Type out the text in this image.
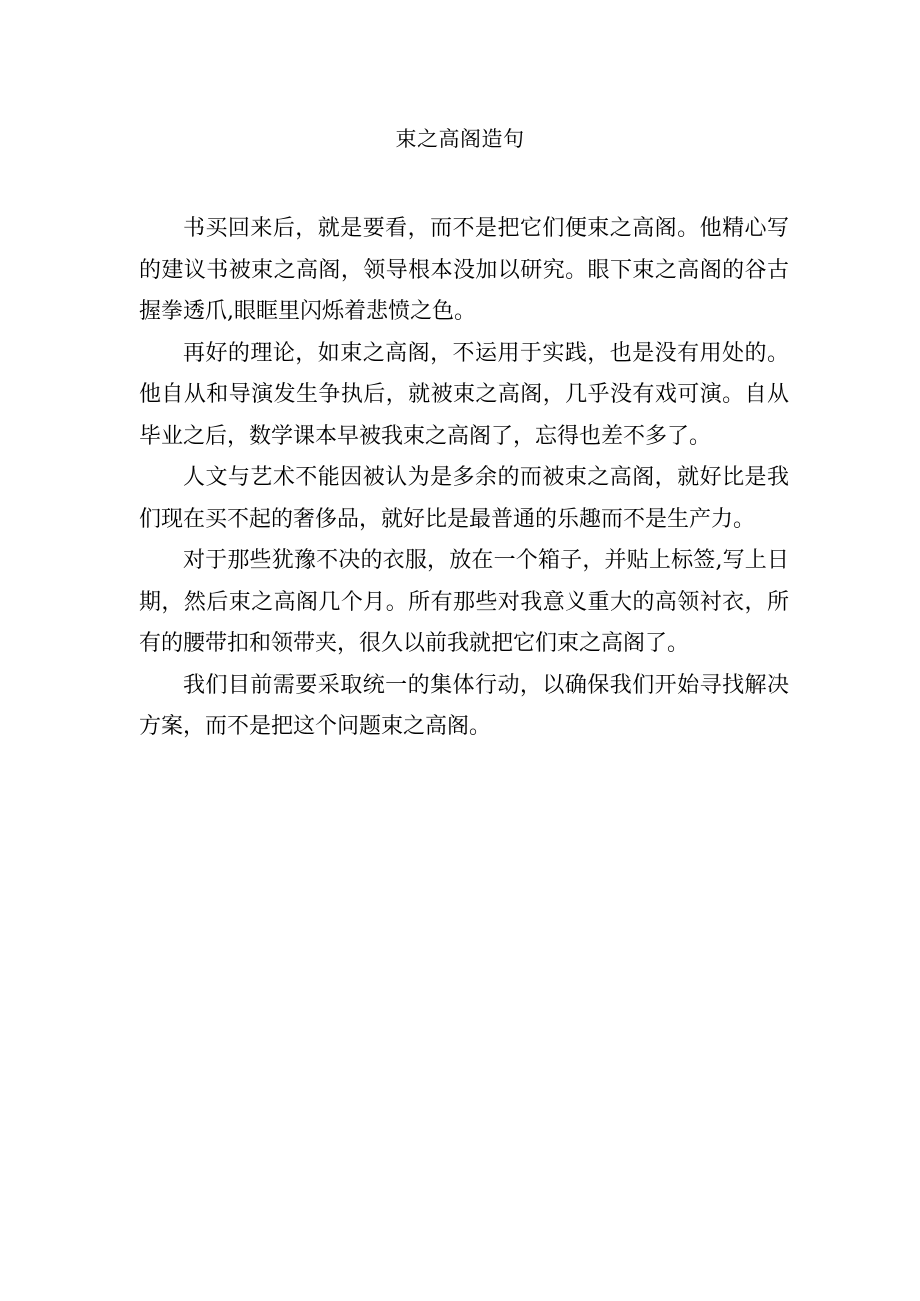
束之高阁造句

书买回来后，就是要看，而不是把它们便束之高阁。他精心写的建议书被束之高阁，领导根本没加以研究。眼下束之高阁的谷古握拳透爪,眼眶里闪烁着悲愤之色。

再好的理论，如束之高阁，不运用于实践，也是没有用处的。他自从和导演发生争执后，就被束之高阁，几乎没有戏可演。自从毕业之后，数学课本早被我束之高阁了，忘得也差不多了。

人文与艺术不能因被认为是多余的而被束之高阁，就好比是我们现在买不起的奢侈品，就好比是最普通的乐趣而不是生产力。

对于那些犹豫不决的衣服，放在一个箱子，并贴上标签,写上日期，然后束之高阁几个月。所有那些对我意义重大的高领衬衣，所有的腰带扣和领带夹，很久以前我就把它们束之高阁了。

我们目前需要采取统一的集体行动，以确保我们开始寻找解决方案，而不是把这个问题束之高阁。
